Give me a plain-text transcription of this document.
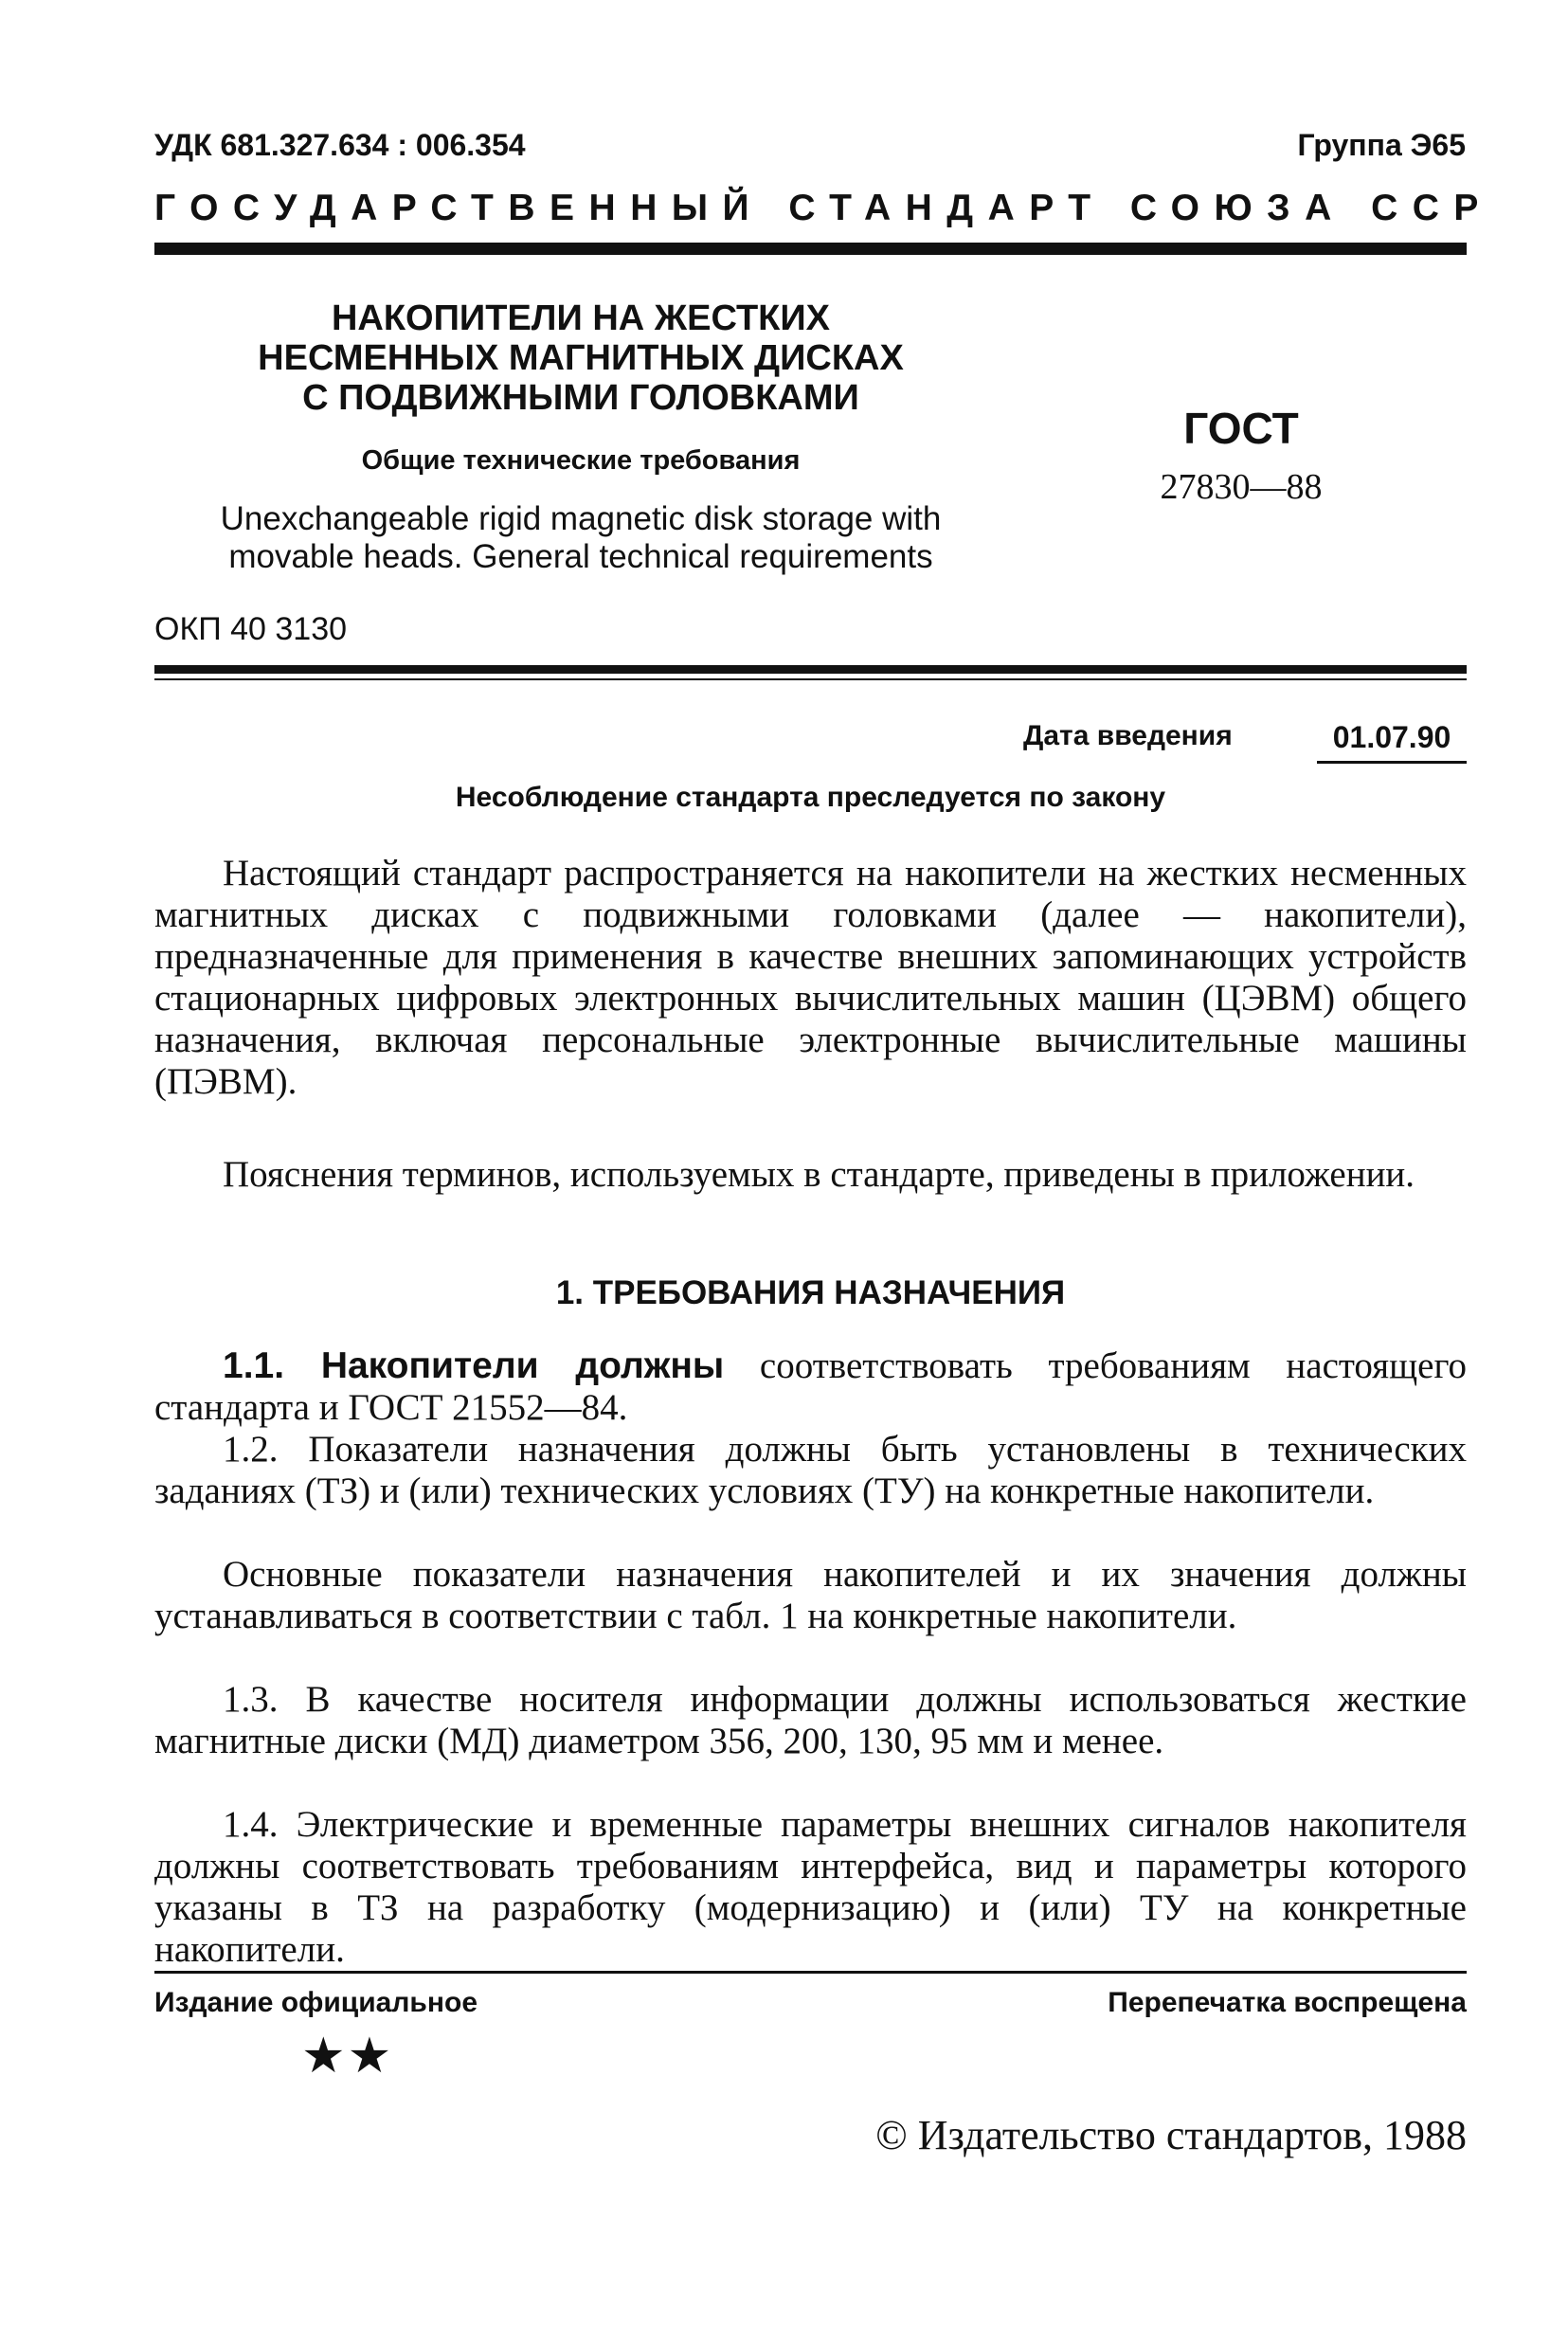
УДК 681.327.634 : 006.354	Группа Э65
ГОСУДАРСТВЕННЫЙ СТАНДАРТ СОЮЗА ССР
НАКОПИТЕЛИ НА ЖЕСТКИХ
НЕСМЕННЫХ МАГНИТНЫХ ДИСКАХ
С ПОДВИЖНЫМИ ГОЛОВКАМИ
Общие технические требования
Unexchangeable rigid magnetic disk storage with
movable heads. General technical requirements
ГОСТ
27830—88
ОКП 40 3130
Дата введения	01.07.90
Несоблюдение стандарта преследуется по закону
Настоящий стандарт распространяется на накопители на жестких несменных магнитных дисках с подвижными головками (далее — накопители), предназначенные для применения в качестве внешних запоминающих устройств стационарных цифровых электронных вычислительных машин (ЦЭВМ) общего назначения, включая персональные электронные вычислительные машины (ПЭВМ).
Пояснения терминов, используемых в стандарте, приведены в приложении.
1. ТРЕБОВАНИЯ НАЗНАЧЕНИЯ
1.1. Накопители должны соответствовать требованиям настоящего стандарта и ГОСТ 21552—84.
1.2. Показатели назначения должны быть установлены в технических заданиях (ТЗ) и (или) технических условиях (ТУ) на конкретные накопители.
Основные показатели назначения накопителей и их значения должны устанавливаться в соответствии с табл. 1 на конкретные накопители.
1.3. В качестве носителя информации должны использоваться жесткие магнитные диски (МД) диаметром 356, 200, 130, 95 мм и менее.
1.4. Электрические и временные параметры внешних сигналов накопителя должны соответствовать требованиям интерфейса, вид и параметры которого указаны в ТЗ на разработку (модернизацию) и (или) ТУ на конкретные накопители.
Издание официальное	Перепечатка воспрещена
★★
© Издательство стандартов, 1988
